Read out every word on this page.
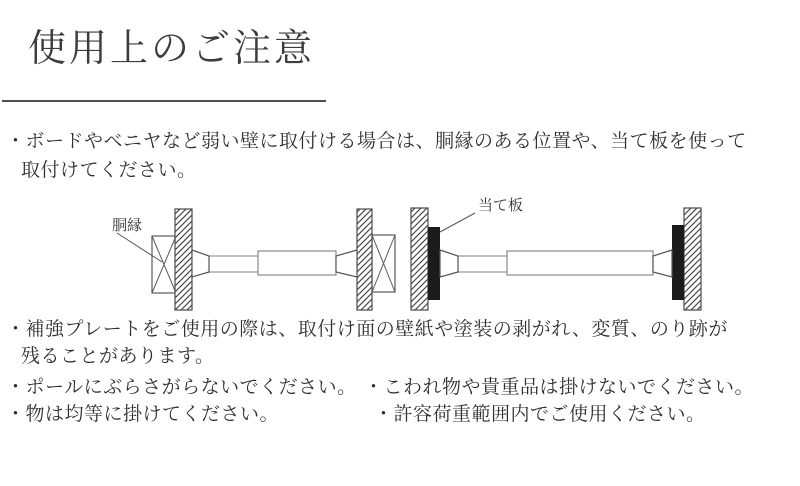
使用上のご注意
・ボードやベニヤなど弱い壁に取付ける場合は、胴縁のある位置や、当て板を使って
取付けてください。
胴縁
当て板
・補強プレートをご使用の際は、取付け面の壁紙や塗装の剥がれ、変質、のり跡が
残ることがあります。
・ポールにぶらさがらないでください。 ・こわれ物や貴重品は掛けないでください。
・物は均等に掛けてください。	・許容荷重範囲内でご使用ください。
